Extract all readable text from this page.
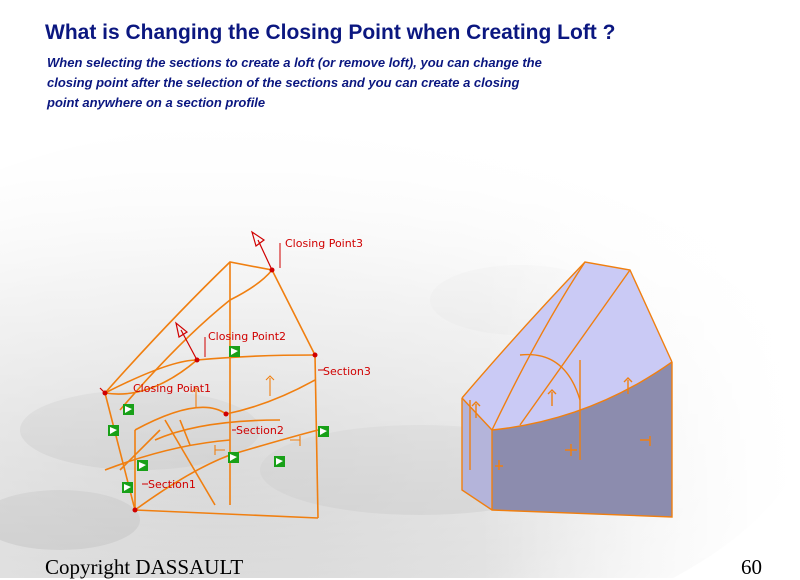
What is Changing the Closing Point when Creating Loft ?
When selecting the sections to create a loft (or remove loft), you can change the
closing point after the selection of the sections and you can create a closing
point anywhere on a section profile
Closing Point3
Closing Point2
Closing Point1
Section3
Section2
Section1
Copyright DASSAULT	60
